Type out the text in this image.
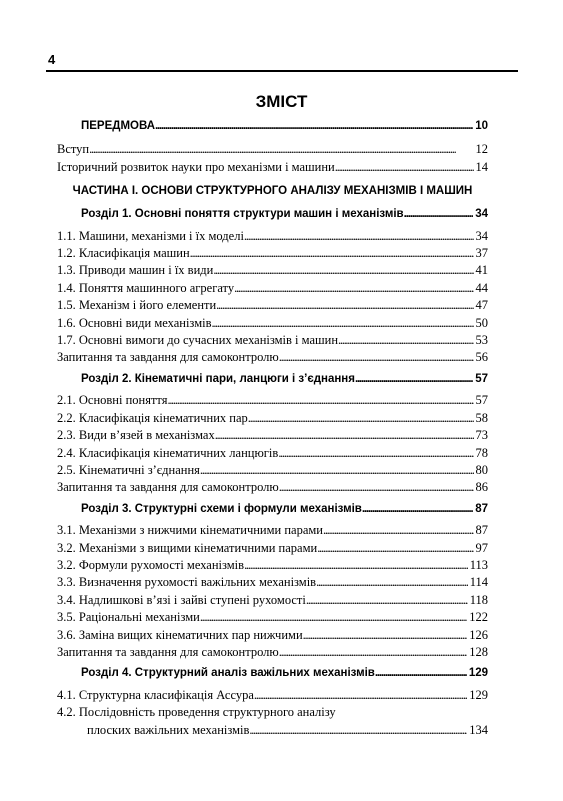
4
ЗМІСТ
ПЕРЕДМОВА . . .	10
Вступ . . .	12
Історичний розвиток науки про механізми і машини . . .	14
ЧАСТИНА І. ОСНОВИ СТРУКТУРНОГО АНАЛІЗУ МЕХАНІЗМІВ І МАШИН
Розділ 1. Основні поняття структури машин і механізмів . . .	34
1.1. Машини, механізми і їх моделі . . .	34
1.2. Класифікація машин . . .	37
1.3. Приводи машин і їх види . . .	41
1.4. Поняття машинного агрегату . . .	44
1.5. Механізм і його елементи . . .	47
1.6. Основні види механізмів . . .	50
1.7. Основні вимоги до сучасних механізмів і машин . . .	53
Запитання та завдання для самоконтролю . . .	56
Розділ 2. Кінематичні пари, ланцюги і з’єднання . . .	57
2.1. Основні поняття . . .	57
2.2. Класифікація кінематичних пар . . .	58
2.3. Види в’язей в механізмах . . .	73
2.4. Класифікація кінематичних ланцюгів . . .	78
2.5. Кінематичні з’єднання . . .	80
Запитання та завдання для самоконтролю . . .	86
Розділ 3. Структурні схеми і формули механізмів . . .	87
3.1. Механізми з нижчими кінематичними парами . . .	87
3.2. Механізми з вищими кінематичними парами . . .	97
3.2. Формули рухомості механізмів . . .	113
3.3. Визначення рухомості важільних механізмів . . .	114
3.4. Надлишкові в’язі і зайві ступені рухомості . . .	118
3.5. Раціональні механізми . . .	122
3.6. Заміна вищих кінематичних пар нижчими . . .	126
Запитання та завдання для самоконтролю . . .	128
Розділ 4. Структурний аналіз важільних механізмів . . .	129
4.1. Структурна класифікація Ассура . . .	129
4.2. Послідовність проведення структурного аналізу
плоских важільних механізмів . . .	134
